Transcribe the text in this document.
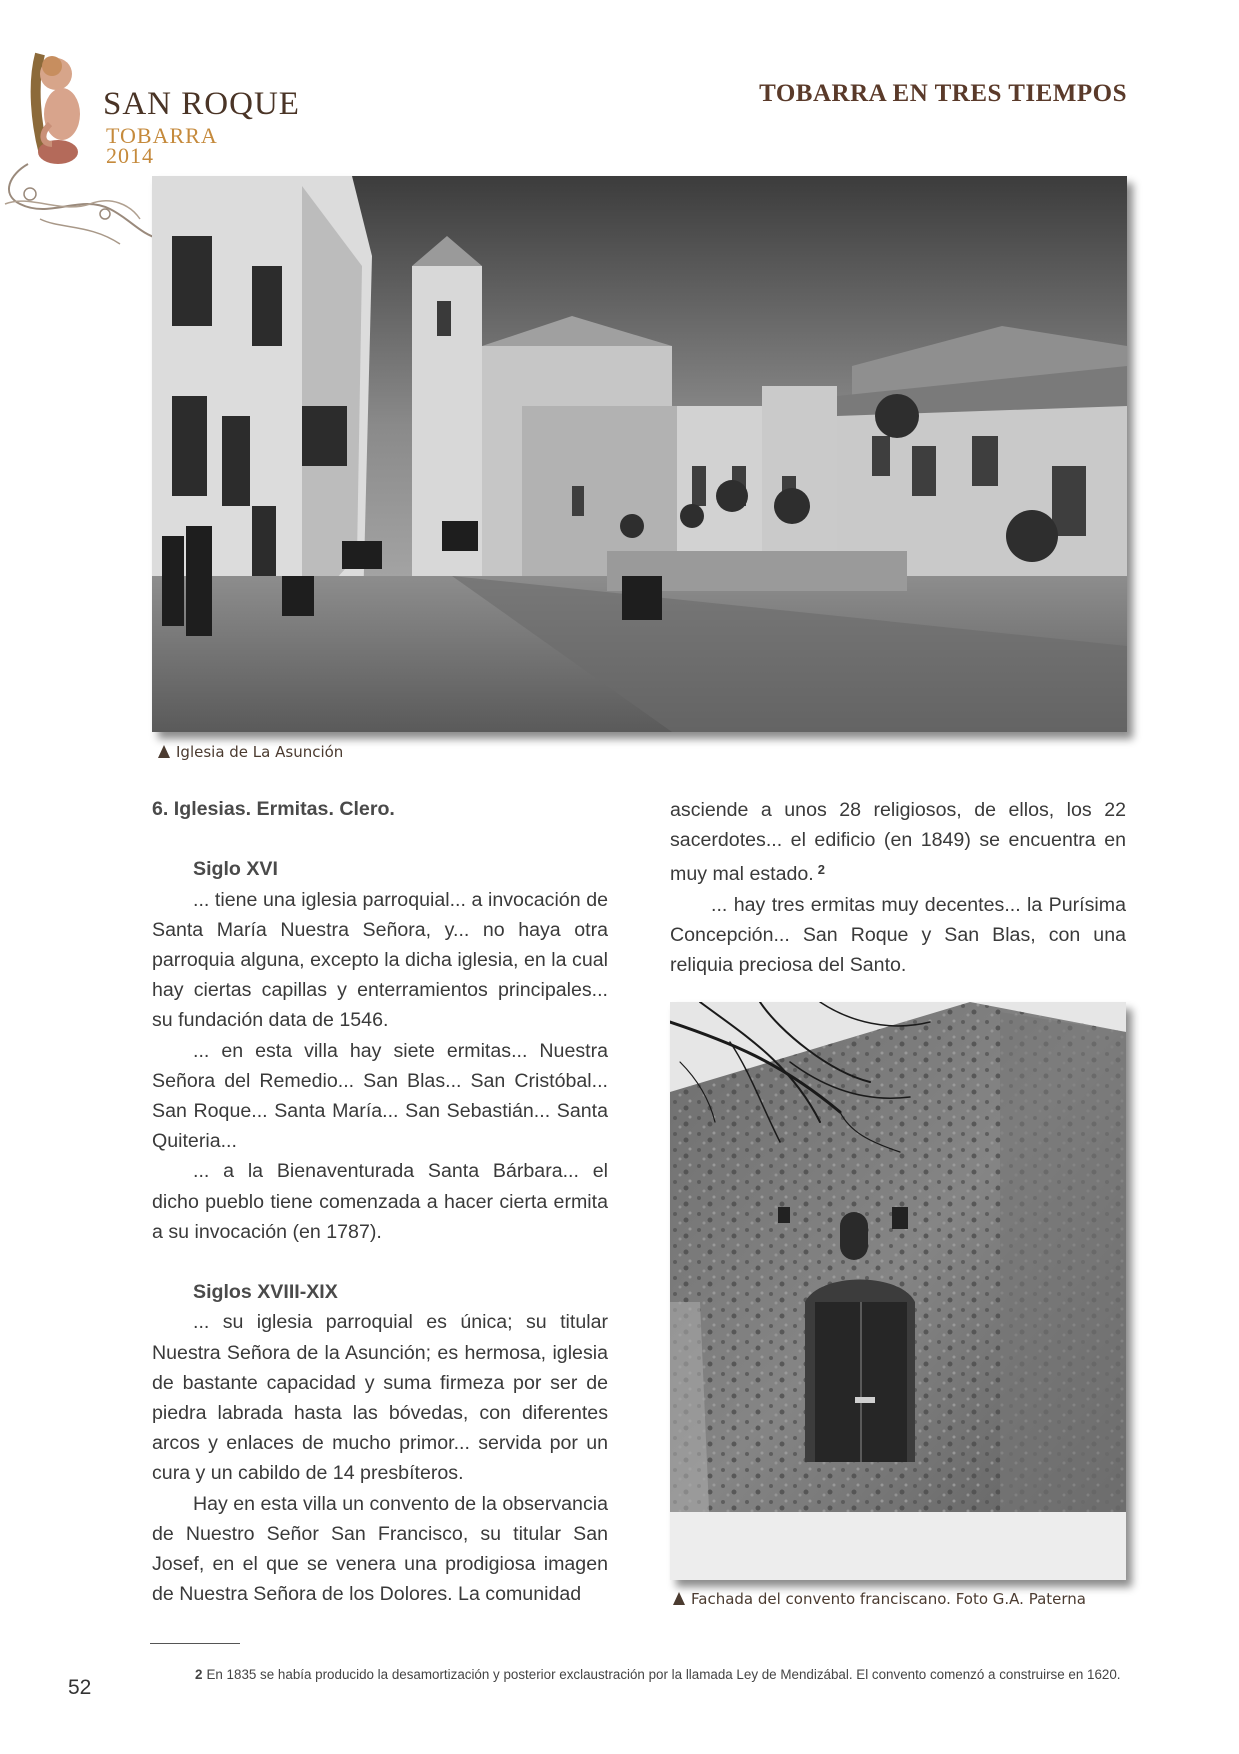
SAN ROQUE
TOBARRA
2014
TOBARRA EN TRES TIEMPOS
Iglesia de La Asunción

6. Iglesias. Ermitas. Clero.

Siglo XVI

... tiene una iglesia parroquial... a invocación de Santa María Nuestra Señora, y... no haya otra parroquia alguna, excepto la dicha iglesia, en la cual hay ciertas capillas y enterramientos principales... su fundación data de 1546.

... en esta villa hay siete ermitas... Nuestra Señora del Remedio... San Blas... San Cristóbal... San Roque... Santa María... San Sebastián... Santa Quiteria...

... a la Bienaventurada Santa Bárbara... el dicho pueblo tiene comenzada a hacer cierta ermita a su invocación (en 1787).

Siglos XVIII-XIX

... su iglesia parroquial es única; su titular Nuestra Señora de la Asunción; es hermosa, iglesia de bastante capacidad y suma firmeza por ser de piedra labrada hasta las bóvedas, con diferentes arcos y enlaces de mucho primor... servida por un cura y un cabildo de 14 presbíteros.

Hay en esta villa un convento de la observancia de Nuestro Señor San Francisco, su titular San Josef, en el que se venera una prodigiosa imagen de Nuestra Señora de los Dolores. La comunidad

asciende a unos 28 religiosos, de ellos, los 22 sacerdotes... el edificio (en 1849) se encuentra en muy mal estado. $^2$

... hay tres ermitas muy decentes... la Purísima Concepción... San Roque y San Blas, con una reliquia preciosa del Santo.

Fachada del convento franciscano. Foto G.A. Paterna
2 En 1835 se había producido la desamortización y posterior exclaustración por la llamada Ley de Mendizábal. El convento comenzó a construirse en 1620.
52
